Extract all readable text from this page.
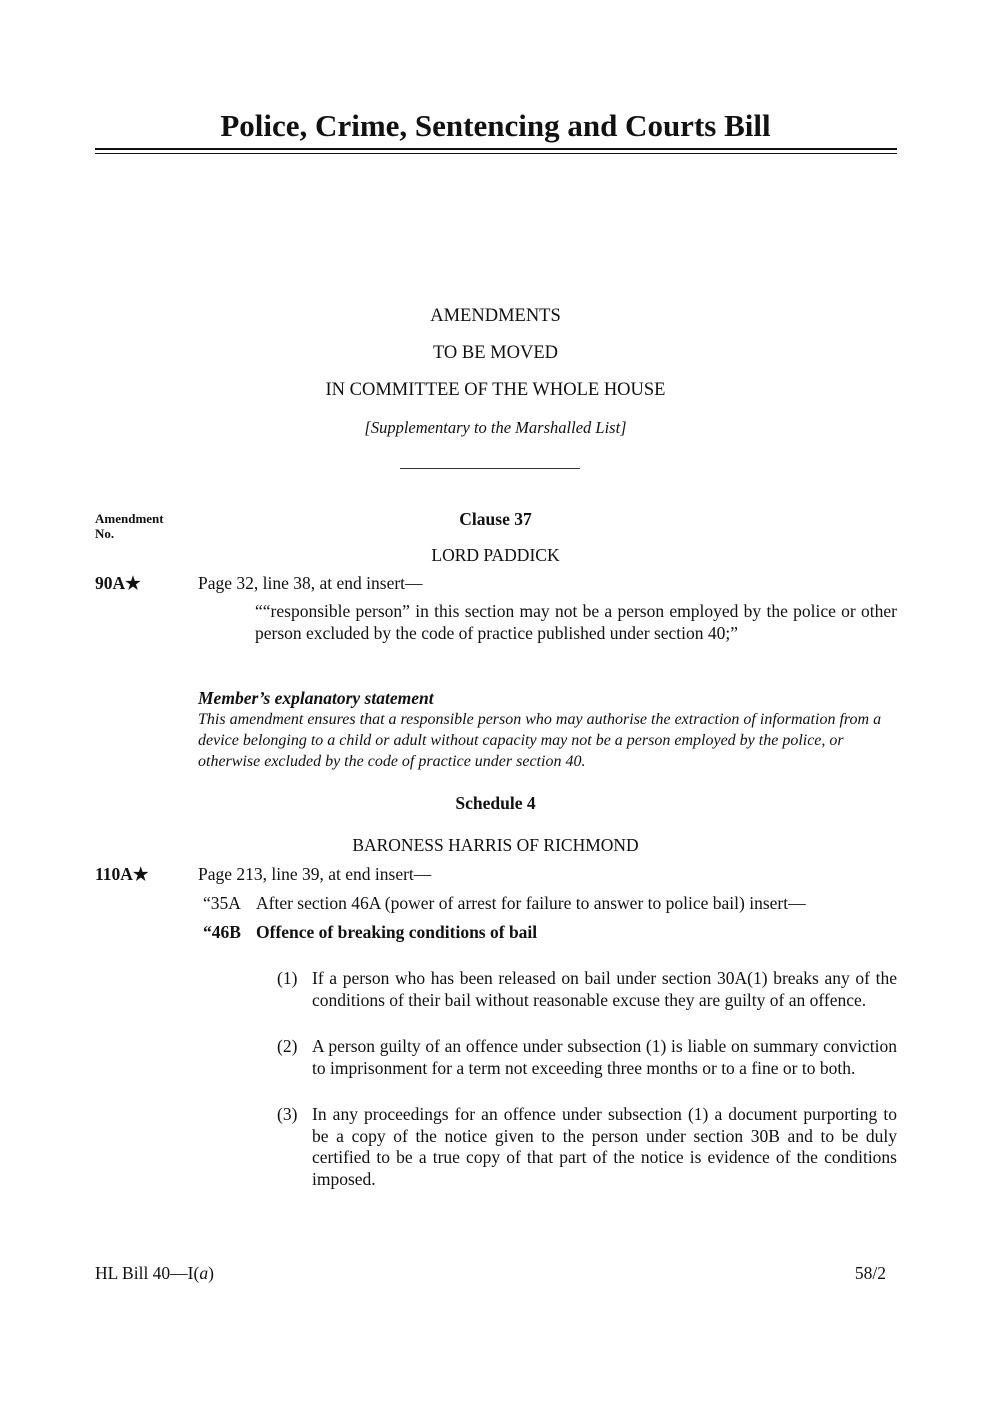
Police, Crime, Sentencing and Courts Bill
AMENDMENTS
TO BE MOVED
IN COMMITTEE OF THE WHOLE HOUSE
[Supplementary to the Marshalled List]
Amendment No.
Clause 37
LORD PADDICK
90A★	Page 32, line 38, at end insert—
““responsible person” in this section may not be a person employed by the police or other person excluded by the code of practice published under section 40;”
Member’s explanatory statement
This amendment ensures that a responsible person who may authorise the extraction of information from a device belonging to a child or adult without capacity may not be a person employed by the police, or otherwise excluded by the code of practice under section 40.
Schedule 4
BARONESS HARRIS OF RICHMOND
110A★	Page 213, line 39, at end insert—
“35A After section 46A (power of arrest for failure to answer to police bail) insert—
“46B Offence of breaking conditions of bail
(1) If a person who has been released on bail under section 30A(1) breaks any of the conditions of their bail without reasonable excuse they are guilty of an offence.
(2) A person guilty of an offence under subsection (1) is liable on summary conviction to imprisonment for a term not exceeding three months or to a fine or to both.
(3) In any proceedings for an offence under subsection (1) a document purporting to be a copy of the notice given to the person under section 30B and to be duly certified to be a true copy of that part of the notice is evidence of the conditions imposed.
HL Bill 40—I(a)	58/2
